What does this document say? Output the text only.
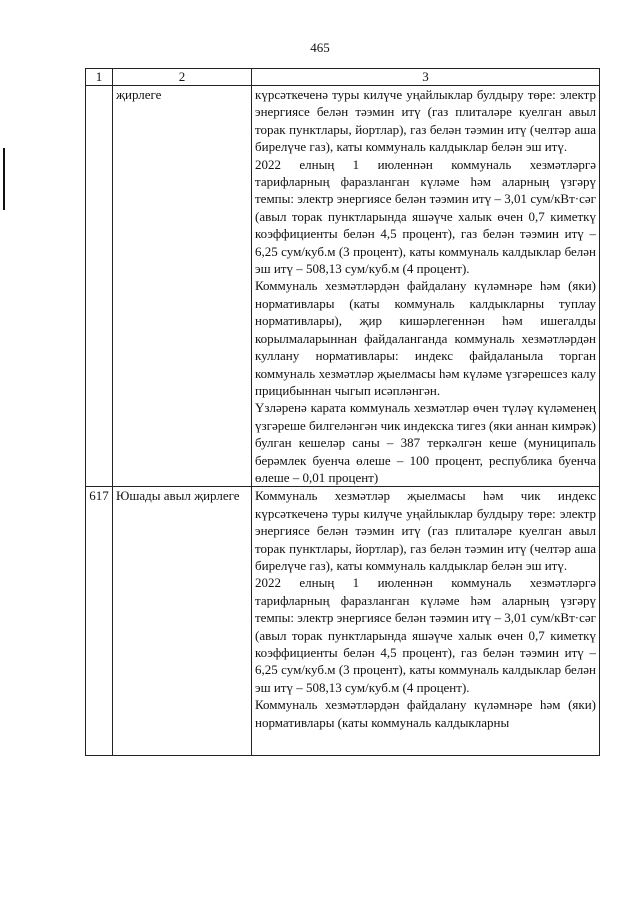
465
1	2	3
	җирлеге	күрсәткеченә туры килүче уңайлыклар булдыру төре: электр энергиясе белән тәэмин итү (газ плиталәре куелган авыл торак пунктлары, йортлар), газ белән тәэмин итү (челтәр аша бирелүче газ), каты коммуналь калдыклар белән эш итү.
2022 елның 1 июленнән коммуналь хезмәтләргә тарифларның фаразланган күләме һәм аларның үзгәрү темпы: электр энергиясе белән тәэмин итү – 3,01 сум/кВт·сәг (авыл торак пунктларында яшәүче халык өчен 0,7 киметкү коэффициенты белән 4,5 процент), газ белән тәэмин итү – 6,25 сум/куб.м (3 процент), каты коммуналь калдыклар белән эш итү – 508,13 сум/куб.м (4 процент).
Коммуналь хезмәтләрдән файдалану күләмнәре һәм (яки) нормативлары (каты коммуналь калдыкларны туплау нормативлары), җир кишәрлегеннән һәм ишегалды корылмаларыннан файдаланганда коммуналь хезмәтләрдән куллану нормативлары: индекс файдаланыла торган коммуналь хезмәтләр җыелмасы һәм күләме үзгәрешсез калу прицибыннан чыгып исәпләнгән.
Үзләренә карата коммуналь хезмәтләр өчен түләү күләменең үзгәреше билгеләнгән чик индекска тигез (яки аннан кимрәк) булган кешеләр саны – 387 теркәлгән кеше (муниципаль берәмлек буенча өлеше – 100 процент, республика буенча өлеше – 0,01 процент)

617	Юшады авыл җирлеге	Коммуналь хезмәтләр җыелмасы һәм чик индекс күрсәткеченә туры килүче уңайлыклар булдыру төре: электр энергиясе белән тәэмин итү (газ плиталәре куелган авыл торак пунктлары, йортлар), газ белән тәэмин итү (челтәр аша бирелүче газ), каты коммуналь калдыклар белән эш итү.
2022 елның 1 июленнән коммуналь хезмәтләргә тарифларның фаразланган күләме һәм аларның үзгәрү темпы: электр энергиясе белән тәэмин итү – 3,01 сум/кВт·сәг (авыл торак пунктларында яшәүче халык өчен 0,7 киметкү коэффициенты белән 4,5 процент), газ белән тәэмин итү – 6,25 сум/куб.м (3 процент), каты коммуналь калдыклар белән эш итү – 508,13 сум/куб.м (4 процент).
Коммуналь хезмәтләрдән файдалану күләмнәре һәм (яки) нормативлары (каты коммуналь калдыкларны
